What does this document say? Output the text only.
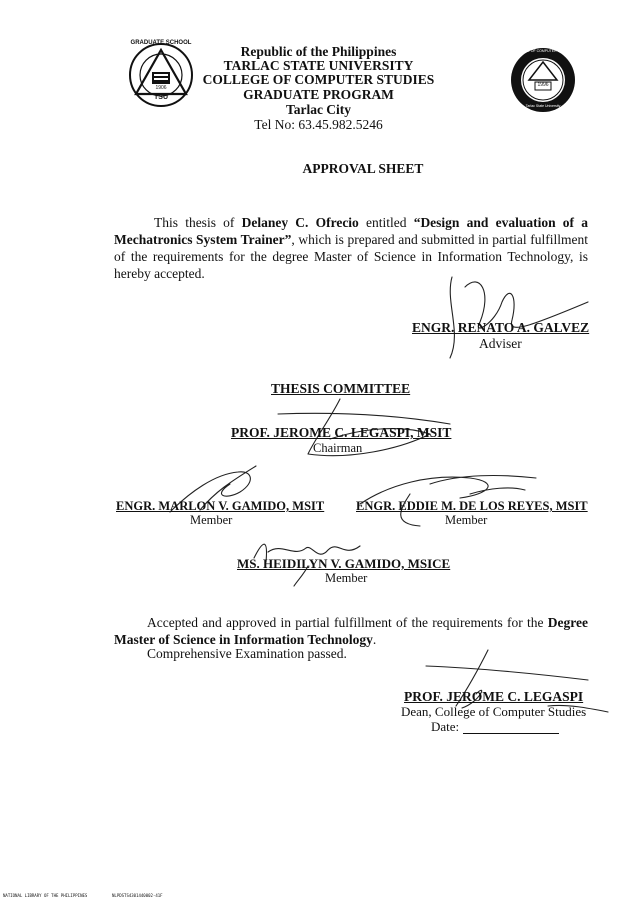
GRADUATE SCHOOL
TSU
1906	1996
COLLEGE OF COMPUTER STUDIES
Tarlac State University
Republic of the Philippines
TARLAC STATE UNIVERSITY
COLLEGE OF COMPUTER STUDIES
GRADUATE PROGRAM
Tarlac City
Tel No: 63.45.982.5246
APPROVAL SHEET
This thesis of Delaney C. Ofrecio entitled “Design and evaluation of a Mechatronics System Trainer”, which is prepared and submitted in partial fulfillment of the requirements for the degree Master of Science in Information Technology, is hereby accepted.
ENGR. RENATO A. GALVEZ
Adviser
THESIS COMMITTEE
PROF. JEROME C. LEGASPI, MSIT
Chairman
ENGR. MARLON V. GAMIDO, MSIT
Member
ENGR. EDDIE M. DE LOS REYES, MSIT
Member
MS. HEIDILYN V. GAMIDO, MSICE
Member
Accepted and approved in partial fulfillment of the requirements for the Degree Master of Science in Information Technology.
Comprehensive Examination passed.
PROF. JEROME C. LEGASPI
Dean, College of Computer Studies
Date:
NATIONAL LIBRARY OF THE PHILIPPINES	NLPDSTS4301440002-41F
